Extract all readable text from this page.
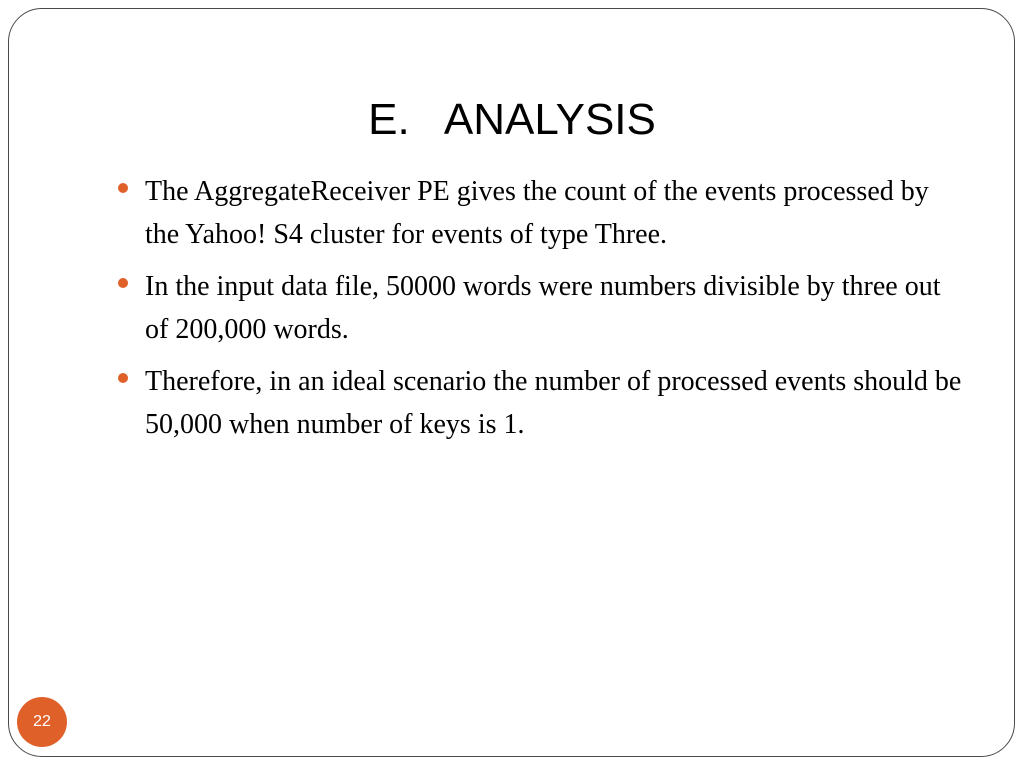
E.   ANALYSIS
The AggregateReceiver PE gives the count of the events processed by the Yahoo! S4 cluster for events of type Three.
In the input data file, 50000 words were numbers divisible by three out of 200,000 words.
Therefore, in an ideal scenario the number of processed events should be 50,000 when number of keys is 1.
22
